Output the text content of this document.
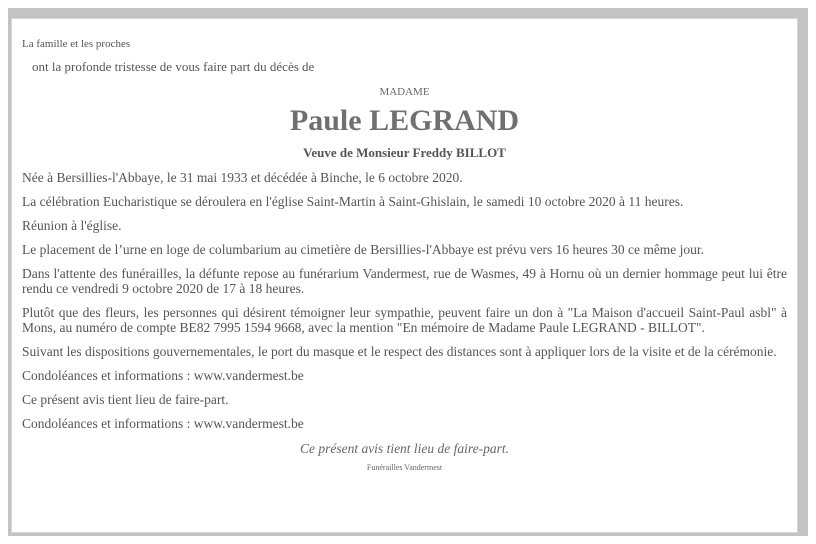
La famille et les proches
ont la profonde tristesse de vous faire part du décès de
MADAME
Paule LEGRAND
Veuve de Monsieur Freddy BILLOT
Née à Bersillies-l'Abbaye, le 31 mai 1933 et décédée à Binche, le 6 octobre 2020.
La célébration Eucharistique se déroulera en l'église Saint-Martin à Saint-Ghislain, le samedi 10 octobre 2020 à 11 heures.
Réunion à l'église.
Le placement de l’urne en loge de columbarium au cimetière de Bersillies-l'Abbaye est prévu vers 16 heures 30 ce même jour.
Dans l'attente des funérailles, la défunte repose au funérarium Vandermest, rue de Wasmes, 49 à Hornu où un dernier hommage peut lui être rendu ce vendredi 9 octobre 2020 de 17 à 18 heures.
Plutôt que des fleurs, les personnes qui désirent témoigner leur sympathie, peuvent faire un don à "La Maison d'accueil Saint-Paul asbl" à Mons, au numéro de compte BE82 7995 1594 9668, avec la mention "En mémoire de Madame Paule LEGRAND - BILLOT".
Suivant les dispositions gouvernementales, le port du masque et le respect des distances sont à appliquer lors de la visite et de la cérémonie.
Condoléances et informations : www.vandermest.be
Ce présent avis tient lieu de faire-part.
Condoléances et informations : www.vandermest.be
Ce présent avis tient lieu de faire-part.
Funérailles Vandermest
